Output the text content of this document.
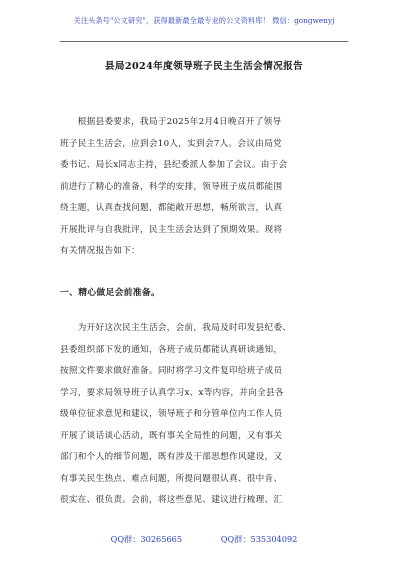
关注头条号"公文研究"，获得最新最全最专业的公文资料库！ 微信：gongwenyj
县局2024年度领导班子民主生活会情况报告
　　根据县委要求，我局于2025年2月4日晚召开了领导
班子民主生活会，应到会10人，实到会7人。会议由局党
委书记、局长x同志主持，县纪委派人参加了会议。由于会
前进行了精心的准备，科学的安排，领导班子成员都能围
绕主题，认真查找问题，都能敞开思想，畅所欲言，认真
开展批评与自我批评，民主生活会达到了预期效果。现将
有关情况报告如下：
一、精心做足会前准备。
　　为开好这次民主生活会，会前，我局及时印发县纪委、
县委组织部下发的通知，各班子成员都能认真研读通知，
按照文件要求做好准备。同时将学习文件复印给班子成员
学习，要求局领导班子认真学习x、x等内容，并向全县各
级单位征求意见和建议，领导班子和分管单位内工作人员
开展了谈话谈心活动，既有事关全局性的问题，又有事关
部门和个人的细节问题，既有涉及干部思想作风建设，又
有事关民生热点、难点问题，所提问题很认真、很中肯、
很实在、很负责。会前，将这些意见、建议进行梳理、汇
QQ群：30265665	QQ群：535304092
